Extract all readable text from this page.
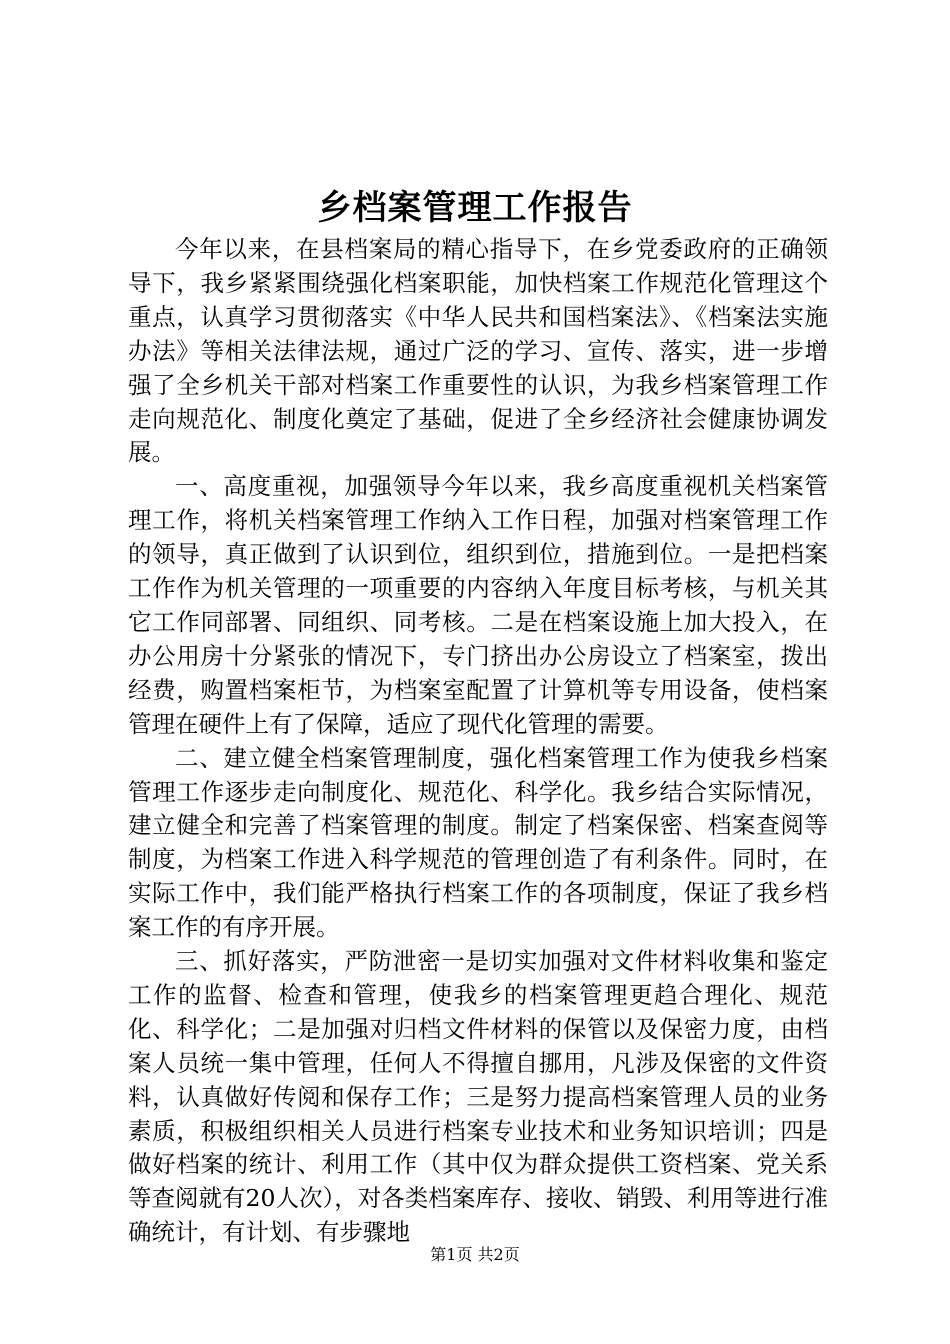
乡档案管理工作报告

今年以来，在县档案局的精心指导下，在乡党委政府的正确领导下，我乡紧紧围绕强化档案职能，加快档案工作规范化管理这个重点，认真学习贯彻落实《中华人民共和国档案法》、《档案法实施办法》等相关法律法规，通过广泛的学习、宣传、落实，进一步增强了全乡机关干部对档案工作重要性的认识，为我乡档案管理工作走向规范化、制度化奠定了基础，促进了全乡经济社会健康协调发展。

一、高度重视，加强领导今年以来，我乡高度重视机关档案管理工作，将机关档案管理工作纳入工作日程，加强对档案管理工作的领导，真正做到了认识到位，组织到位，措施到位。一是把档案工作作为机关管理的一项重要的内容纳入年度目标考核，与机关其它工作同部署、同组织、同考核。二是在档案设施上加大投入，在办公用房十分紧张的情况下，专门挤出办公房设立了档案室，拨出经费，购置档案柜节，为档案室配置了计算机等专用设备，使档案管理在硬件上有了保障，适应了现代化管理的需要。

二、建立健全档案管理制度，强化档案管理工作为使我乡档案管理工作逐步走向制度化、规范化、科学化。我乡结合实际情况，建立健全和完善了档案管理的制度。制定了档案保密、档案查阅等制度，为档案工作进入科学规范的管理创造了有利条件。同时，在实际工作中，我们能严格执行档案工作的各项制度，保证了我乡档案工作的有序开展。

三、抓好落实，严防泄密一是切实加强对文件材料收集和鉴定工作的监督、检查和管理，使我乡的档案管理更趋合理化、规范化、科学化；二是加强对归档文件材料的保管以及保密力度，由档案人员统一集中管理，任何人不得擅自挪用，凡涉及保密的文件资料，认真做好传阅和保存工作；三是努力提高档案管理人员的业务素质，积极组织相关人员进行档案专业技术和业务知识培训；四是做好档案的统计、利用工作（其中仅为群众提供工资档案、党关系等查阅就有20人次），对各类档案库存、接收、销毁、利用等进行准确统计，有计划、有步骤地

第1页 共2页
